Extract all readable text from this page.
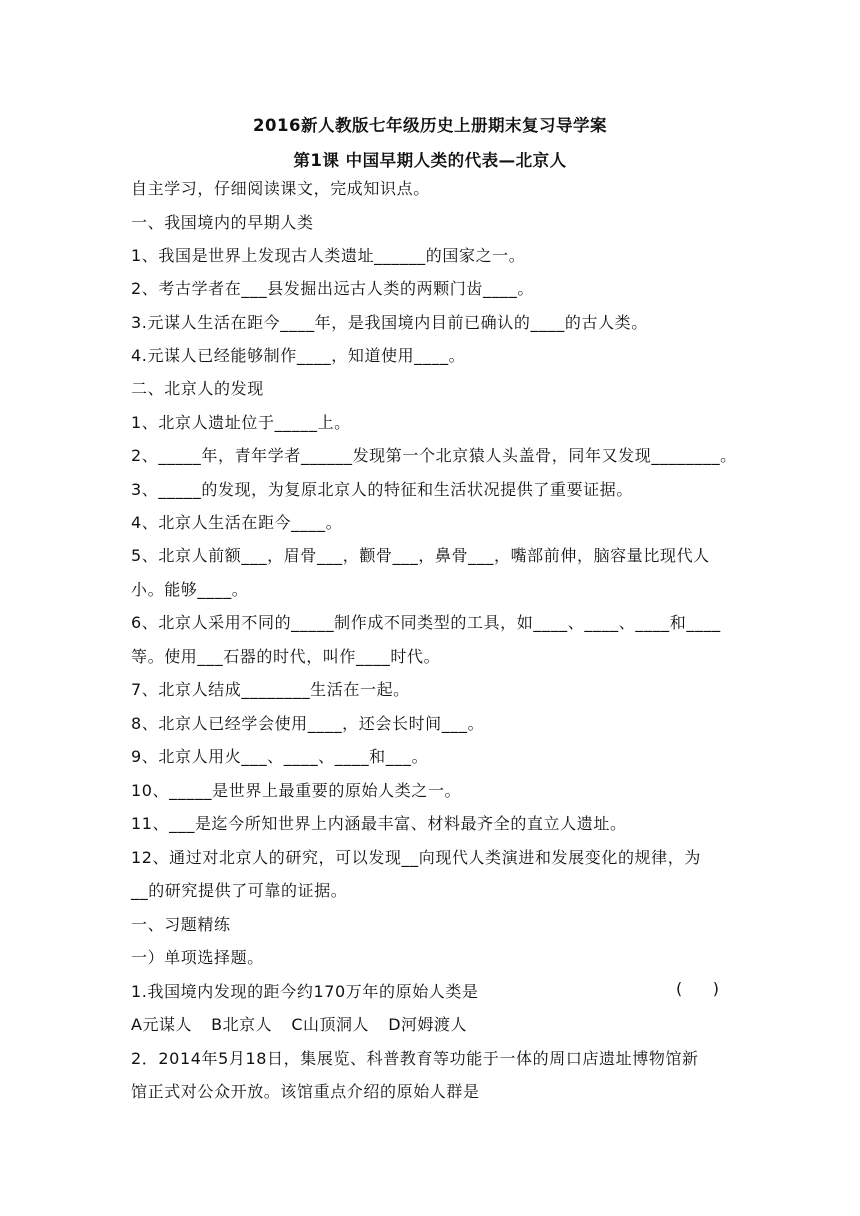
2016新人教版七年级历史上册期末复习导学案
第1课 中国早期人类的代表—北京人
自主学习，仔细阅读课文，完成知识点。
一、我国境内的早期人类
1、我国是世界上发现古人类遗址______的国家之一。
2、考古学者在___县发掘出远古人类的两颗门齿____。
3.元谋人生活在距今____年，是我国境内目前已确认的____的古人类。
4.元谋人已经能够制作____，知道使用____。
二、北京人的发现
1、北京人遗址位于_____上。
2、_____年，青年学者______发现第一个北京猿人头盖骨，同年又发现________。
3、_____的发现，为复原北京人的特征和生活状况提供了重要证据。
4、北京人生活在距今____。
5、北京人前额___，眉骨___，颧骨___，鼻骨___，嘴部前伸，脑容量比现代人
小。能够____。
6、北京人采用不同的_____制作成不同类型的工具，如____、____、____和____
等。使用___石器的时代，叫作____时代。
7、北京人结成________生活在一起。
8、北京人已经学会使用____，还会长时间___。
9、北京人用火___、____、____和___。
10、_____是世界上最重要的原始人类之一。
11、___是迄今所知世界上内涵最丰富、材料最齐全的直立人遗址。
12、通过对北京人的研究，可以发现__向现代人类演进和发展变化的规律，为
__的研究提供了可靠的证据。
一、习题精练
一）单项选择题。
1.我国境内发现的距今约170万年的原始人类是	(      )
A元谋人 B北京人 C山顶洞人 D河姆渡人
2．2014年5月18日，集展览、科普教育等功能于一体的周口店遗址博物馆新
馆正式对公众开放。该馆重点介绍的原始人群是
